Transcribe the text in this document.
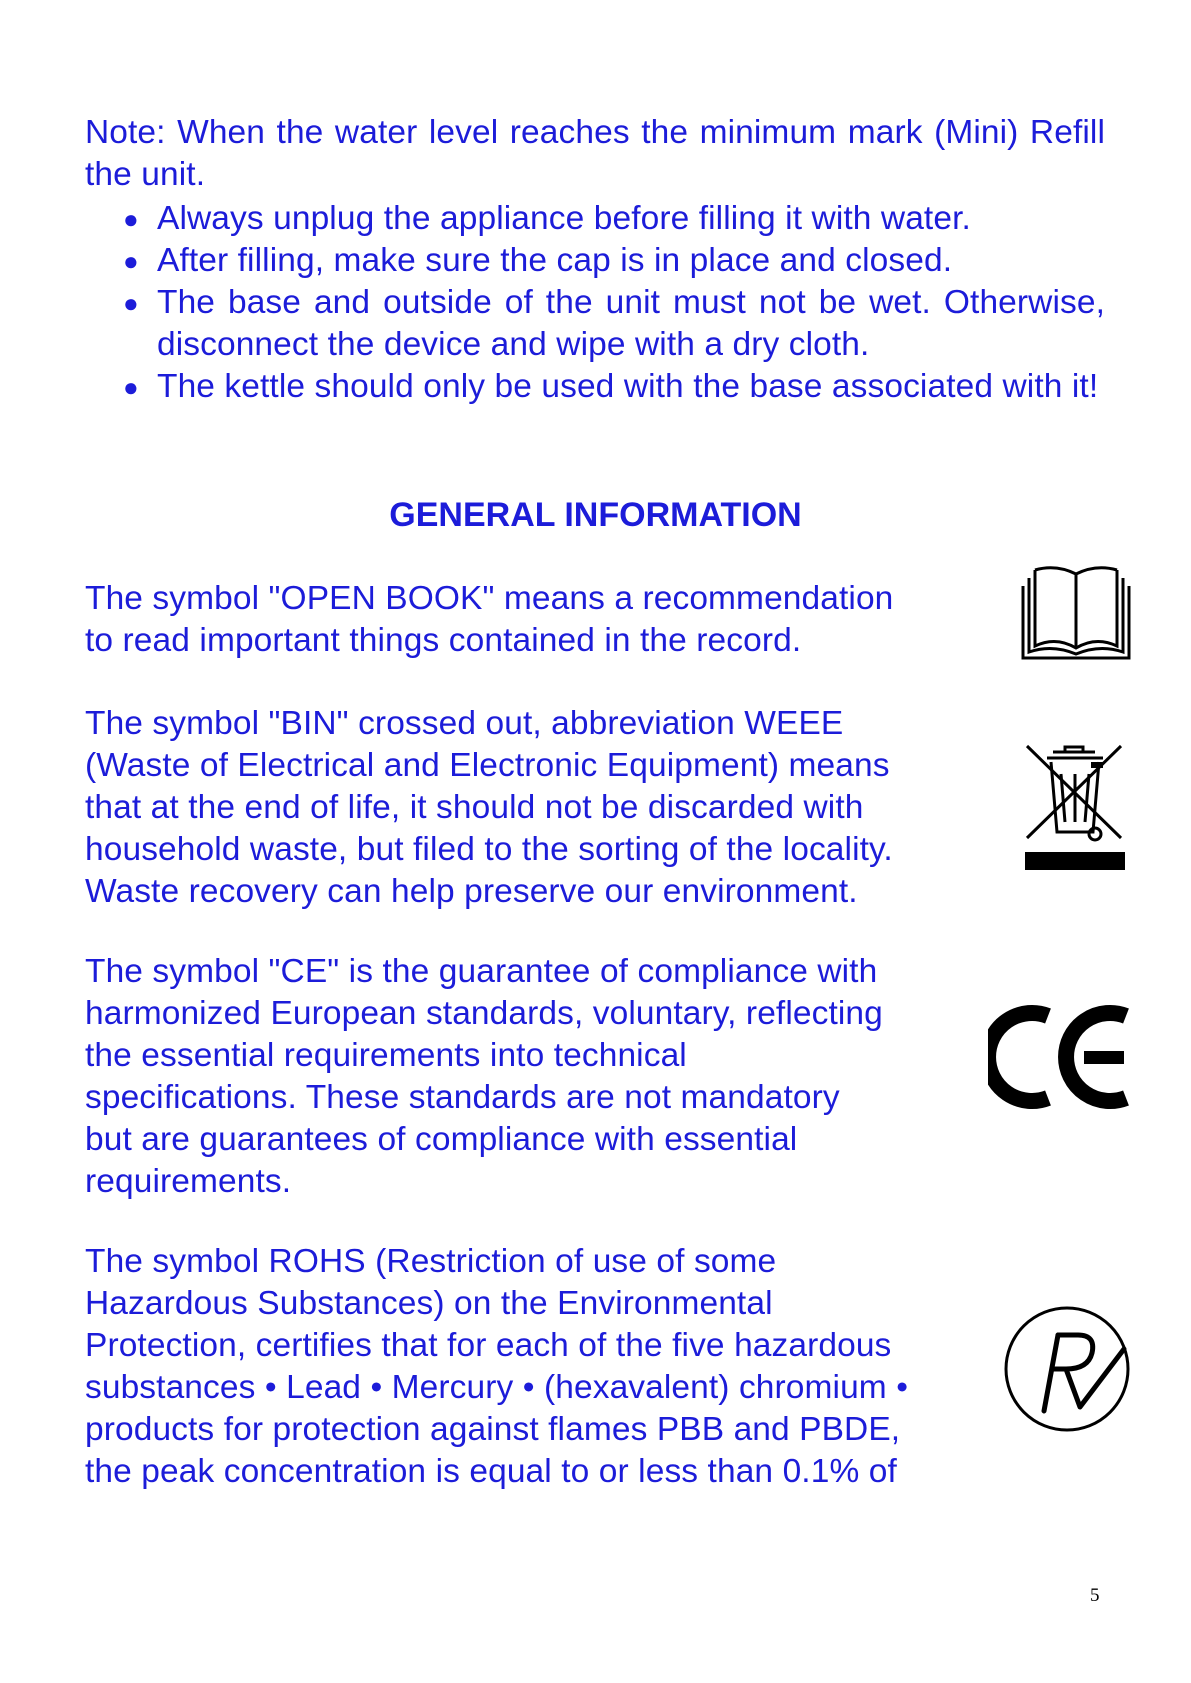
Note: When the water level reaches the minimum mark (Mini) Refill the unit.
● Always unplug the appliance before filling it with water.
● After filling, make sure the cap is in place and closed.
● The base and outside of the unit must not be wet. Otherwise, disconnect the device and wipe with a dry cloth.
● The kettle should only be used with the base associated with it!
GENERAL INFORMATION
The symbol "OPEN BOOK" means a recommendation
to read important things contained in the record.
The symbol "BIN" crossed out, abbreviation WEEE
(Waste of Electrical and Electronic Equipment) means
that at the end of life, it should not be discarded with
household waste, but filed to the sorting of the locality.
Waste recovery can help preserve our environment.
The symbol "CE" is the guarantee of compliance with
harmonized European standards, voluntary, reflecting
the essential requirements into technical
specifications. These standards are not mandatory
but are guarantees of compliance with essential
requirements.
The symbol ROHS (Restriction of use of some
Hazardous Substances) on the Environmental
Protection, certifies that for each of the five hazardous
substances • Lead • Mercury • (hexavalent) chromium •
products for protection against flames PBB and PBDE,
the peak concentration is equal to or less than 0.1% of
5
